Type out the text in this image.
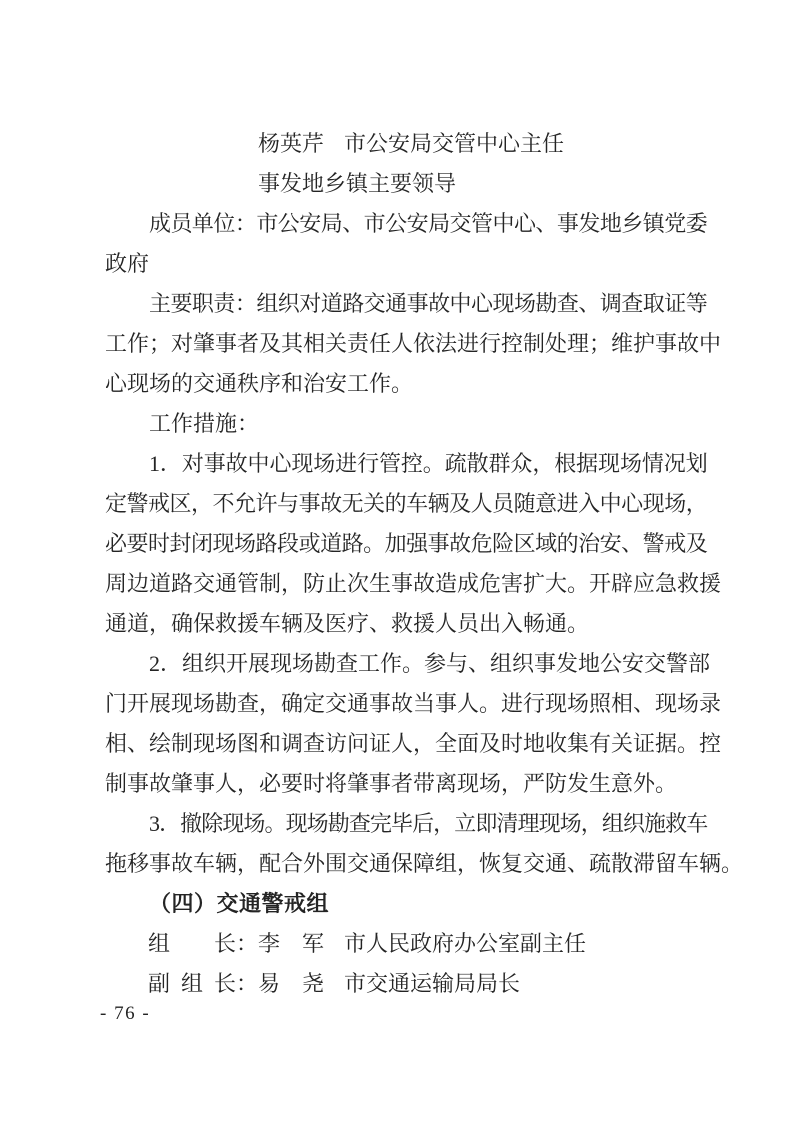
杨英芹 市公安局交管中心主任
事发地乡镇主要领导
成员单位：市公安局、市公安局交管中心、事发地乡镇党委
政府
主要职责：组织对道路交通事故中心现场勘查、调查取证等
工作；对肇事者及其相关责任人依法进行控制处理；维护事故中
心现场的交通秩序和治安工作。
工作措施：
1．对事故中心现场进行管控。疏散群众，根据现场情况划
定警戒区，不允许与事故无关的车辆及人员随意进入中心现场，
必要时封闭现场路段或道路。加强事故危险区域的治安、警戒及
周边道路交通管制，防止次生事故造成危害扩大。开辟应急救援
通道，确保救援车辆及医疗、救援人员出入畅通。
2．组织开展现场勘查工作。参与、组织事发地公安交警部
门开展现场勘查，确定交通事故当事人。进行现场照相、现场录
相、绘制现场图和调查访问证人，全面及时地收集有关证据。控
制事故肇事人，必要时将肇事者带离现场，严防发生意外。
3．撤除现场。现场勘查完毕后，立即清理现场，组织施救车
拖移事故车辆，配合外围交通保障组，恢复交通、疏散滞留车辆。
（四）交通警戒组
组长：李　军 市人民政府办公室副主任
副组长：易　尧 市交通运输局局长
- 76 -
